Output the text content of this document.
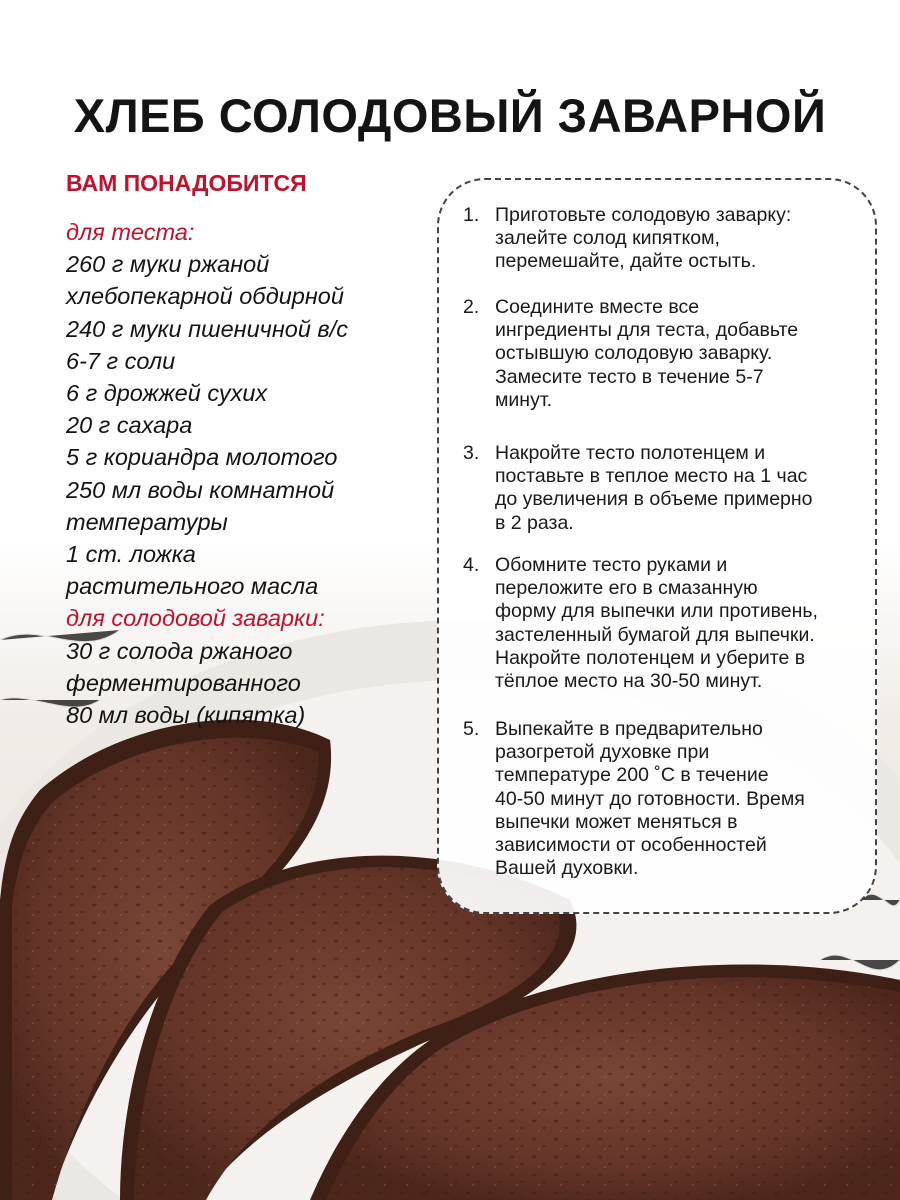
ХЛЕБ СОЛОДОВЫЙ ЗАВАРНОЙ
ВАМ ПОНАДОБИТСЯ
для теста:
260 г муки ржаной
хлебопекарной обдирной
240 г муки пшеничной в/с
6-7 г соли
6 г дрожжей сухих
20 г сахара
5 г кориандра молотого
250 мл воды комнатной
температуры
1 ст. ложка
растительного масла
для солодовой заварки:
30 г солода ржаного
ферментированного
80 мл воды (кипятка)
1. Приготовьте солодовую заварку:
залейте солод кипятком,
перемешайте, дайте остыть.
2. Соедините вместе все
ингредиенты для теста, добавьте
остывшую солодовую заварку.
Замесите тесто в течение 5-7
минут.
3. Накройте тесто полотенцем и
поставьте в теплое место на 1 час
до увеличения в объеме примерно
в 2 раза.
4. Обомните тесто руками и
переложите его в смазанную
форму для выпечки или противень,
застеленный бумагой для выпечки.
Накройте полотенцем и уберите в
тёплое место на 30-50 минут.
5. Выпекайте в предварительно
разогретой духовке при
температуре 200 ˚С в течение
40-50 минут до готовности. Время
выпечки может меняться в
зависимости от особенностей
Вашей духовки.
